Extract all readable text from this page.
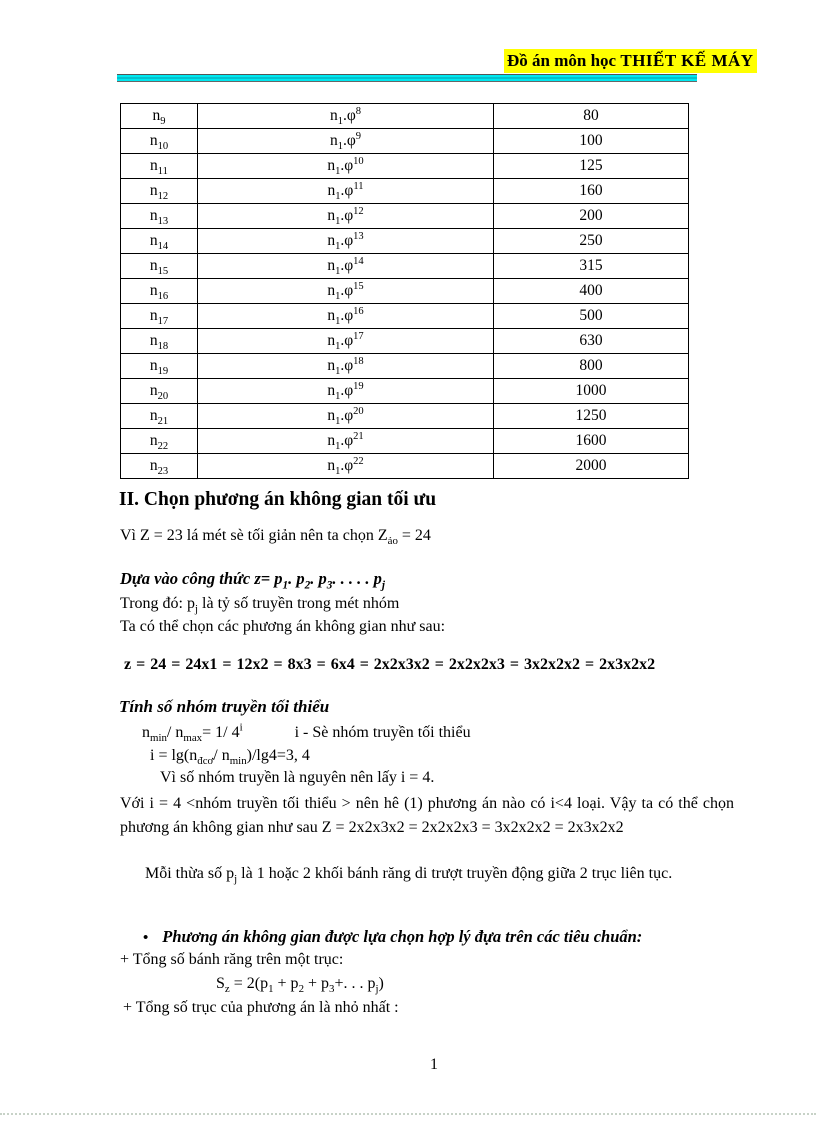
Đồ án môn học THIẾT KẾ MÁY
$n_9$	$n_1.\varphi^8$	80
$n_{10}$	$n_1.\varphi^9$	100
$n_{11}$	$n_1.\varphi^{10}$	125
$n_{12}$	$n_1.\varphi^{11}$	160
$n_{13}$	$n_1.\varphi^{12}$	200
$n_{14}$	$n_1.\varphi^{13}$	250
$n_{15}$	$n_1.\varphi^{14}$	315
$n_{16}$	$n_1.\varphi^{15}$	400
$n_{17}$	$n_1.\varphi^{16}$	500
$n_{18}$	$n_1.\varphi^{17}$	630
$n_{19}$	$n_1.\varphi^{18}$	800
$n_{20}$	$n_1.\varphi^{19}$	1000
$n_{21}$	$n_1.\varphi^{20}$	1250
$n_{22}$	$n_1.\varphi^{21}$	1600
$n_{23}$	$n_1.\varphi^{22}$	2000
II. Chọn phương án không gian tối ưu
Vì Z = 23 lá mét sè tối giản nên ta chọn $Z_{ảo} = 24$
Dựa vào công thức $z= p_1$. $p_2$. $p_3$. . . . . $p_j$
Trong đó: $p_j$ là tỷ số truyền trong mét nhóm
Ta có thể chọn các phương án không gian như sau:
z = 24 = 24x1 = 12x2 = 8x3 = 6x4 = 2x2x3x2 = 2x2x2x3 = 3x2x2x2 = 2x3x2x2
Tính số nhóm truyền tối thiểu
$n_{min}/$ $n_{max}= 1/$ 4$^i$	i - Sè nhóm truyền tối thiểu
$i = \lg(n_{đcơ}/$ $n_{min})/\lg 4=3$, 4
Vì số nhóm truyền là nguyên nên lấy i = 4.
Với i = 4 <nhóm truyền tối thiểu > nên hê (1) phương án nào có i<4 loại. Vậy ta có thể chọn phương án không gian như sau Z = 2x2x3x2 = 2x2x2x3 = 3x2x2x2 = 2x3x2x2
Mỗi thừa số $p_j$ là 1 hoặc 2 khối bánh răng di trượt truyền động giữa 2 trục liên tục.
• Phương án không gian được lựa chọn hợp lý đựa trên các tiêu chuẩn:
+ Tổng số bánh răng trên một trục:
$S_z = 2(p_1 + p_2 + p_3+$. . . $p_j$)
+ Tổng số trục của phương án là nhỏ nhất :
1
